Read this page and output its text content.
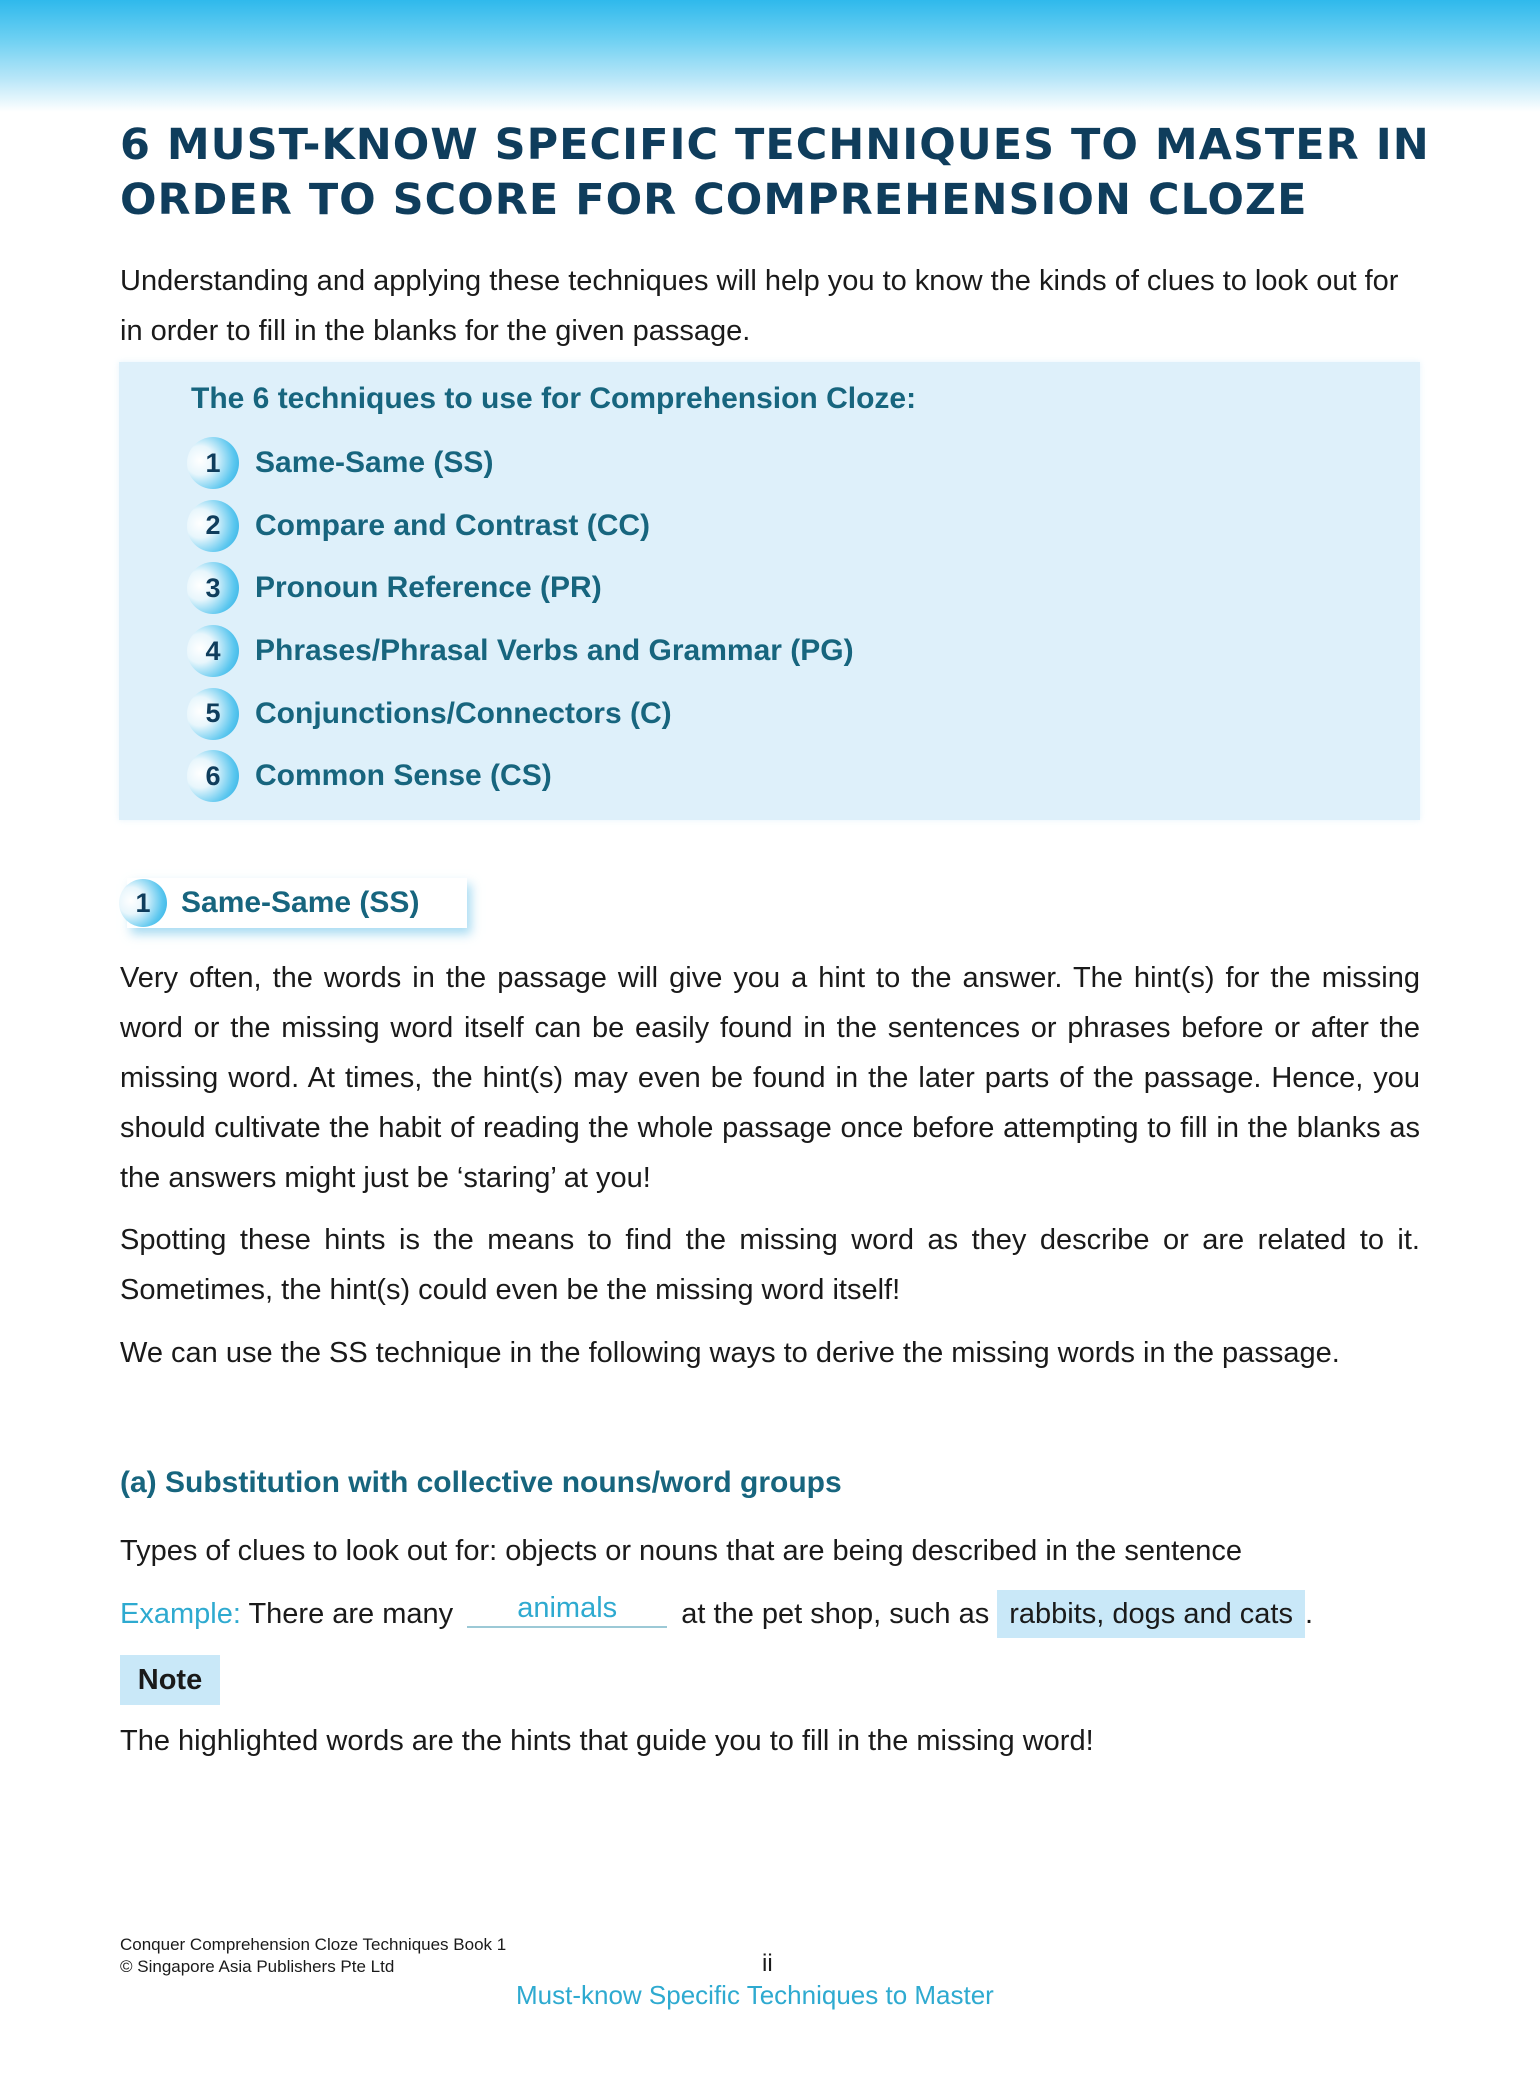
6 MUST-KNOW SPECIFIC TECHNIQUES TO MASTER IN ORDER TO SCORE FOR COMPREHENSION CLOZE

Understanding and applying these techniques will help you to know the kinds of clues to look out for in order to fill in the blanks for the given passage.

The 6 techniques to use for Comprehension Cloze:
1	Same-Same (SS)
2	Compare and Contrast (CC)
3	Pronoun Reference (PR)
4	Phrases/Phrasal Verbs and Grammar (PG)
5	Conjunctions/Connectors (C)
6	Common Sense (CS)
1	Same-Same (SS)

Very often, the words in the passage will give you a hint to the answer. The hint(s) for the missing word or the missing word itself can be easily found in the sentences or phrases before or after the missing word. At times, the hint(s) may even be found in the later parts of the passage. Hence, you should cultivate the habit of reading the whole passage once before attempting to fill in the blanks as the answers might just be ‘staring’ at you!

Spotting these hints is the means to find the missing word as they describe or are related to it. Sometimes, the hint(s) could even be the missing word itself!

We can use the SS technique in the following ways to derive the missing words in the passage.

(a) Substitution with collective nouns/word groups
Types of clues to look out for: objects or nouns that are being described in the sentence
Example: There are many animals at the pet shop, such as rabbits, dogs and cats .
Note
The highlighted words are the hints that guide you to fill in the missing word!
Conquer Comprehension Cloze Techniques Book 1
© Singapore Asia Publishers Pte Ltd	ii
Must-know Specific Techniques to Master
